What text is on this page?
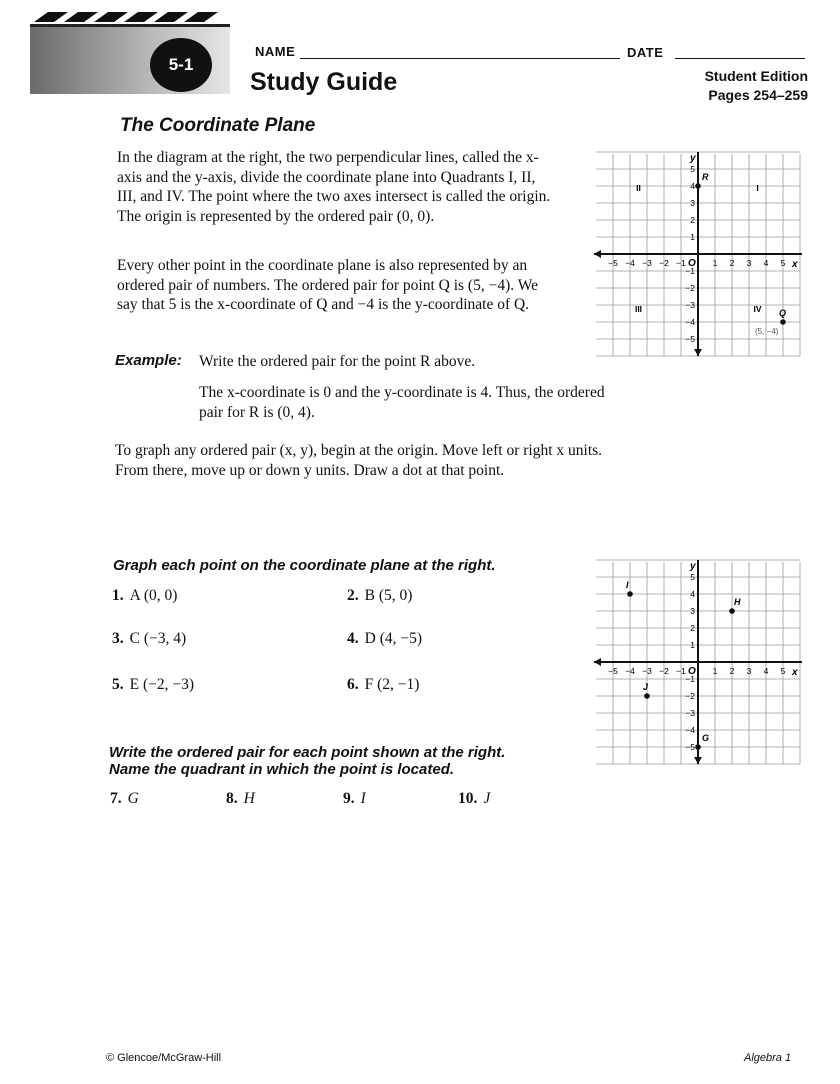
5-1
NAME	DATE
Study Guide	Student Edition
Pages 254–259
The Coordinate Plane
In the diagram at the right, the two perpendicular lines, called the x-axis and the y-axis, divide the coordinate plane into Quadrants I, II, III, and IV. The point where the two axes intersect is called the origin. The origin is represented by the ordered pair (0, 0).
Every other point in the coordinate plane is also represented by an ordered pair of numbers. The ordered pair for point Q is (5, −4). We say that 5 is the x-coordinate of Q and −4 is the y-coordinate of Q.
Example: Write the ordered pair for the point R above.
The x-coordinate is 0 and the y-coordinate is 4. Thus, the ordered pair for R is (0, 4).
To graph any ordered pair (x, y), begin at the origin. Move left or right x units. From there, move up or down y units. Draw a dot at that point.
Graph each point on the coordinate plane at the right.
1. A (0, 0)	2. B (5, 0)
3. C (−3, 4)	4. D (4, −5)
5. E (−2, −3)	6. F (2, −1)
Write the ordered pair for each point shown at the right.
Name the quadrant in which the point is located.
7. G	8. H	9. I	10. J
x
y
O
−5 −4 −3 −2 −1	1 2 3 4 5
5
4
3
2
1
−1
−2
−3
−4
−5
II	I
III	IV
R
Q
(5, −4)
x
y
O
−5 −4 −3 −2 −1	1 2 3 4 5
5
4
3
2
1
−1
−2
−3
−4
−5
I
H
J
G
© Glencoe/McGraw-Hill	Algebra 1
